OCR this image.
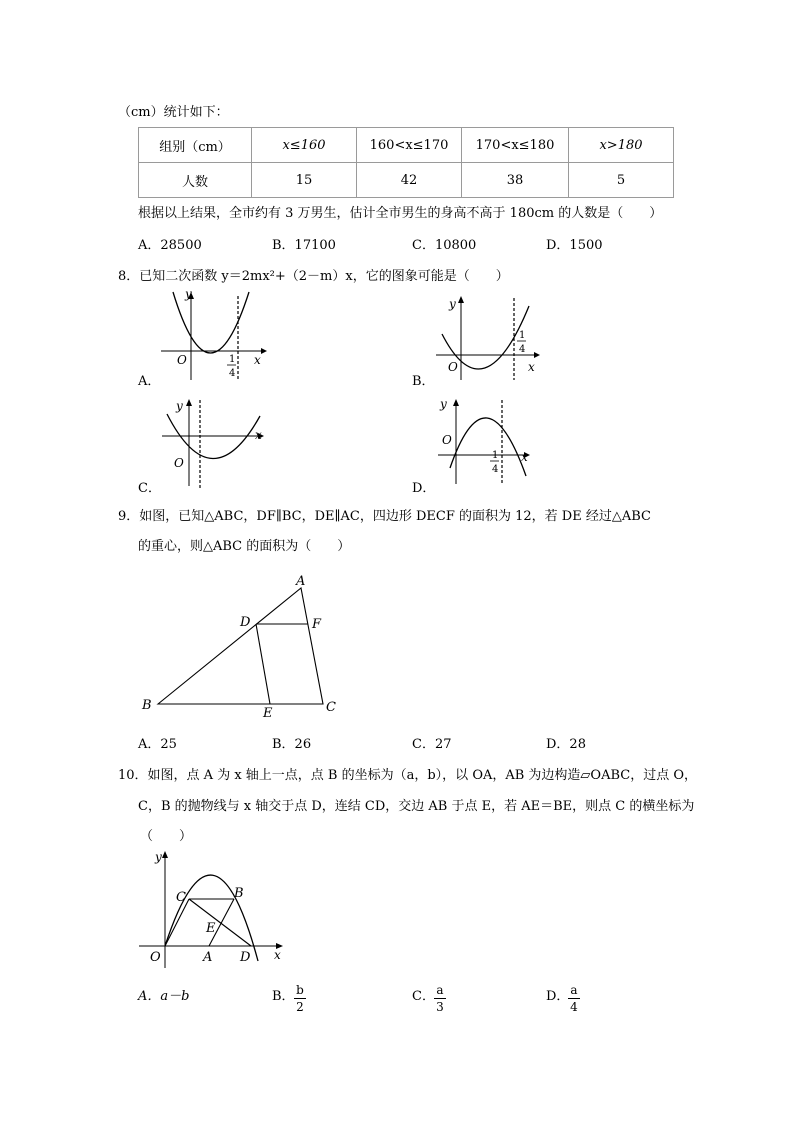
（cm）统计如下：
组别（cm）	x≤160	160<x≤170	170<x≤180	x>180
人数	15	42	38	5
根据以上结果，全市约有 3 万男生，估计全市男生的身高不高于 180cm 的人数是（　　）
A．28500	B．17100	C．10800	D．1500
8．已知二次函数 y＝2mx²+（2－m）x，它的图象可能是（　　）
y
x
O	1
4
A．
y
x
O
1
4
B．
y
x
O
C．
y
x
O
1
4
D．
9．如图，已知△ABC，DF∥BC，DE∥AC，四边形 DECF 的面积为 12，若 DE 经过△ABC
的重心，则△ABC 的面积为（　　）
A
B	C
D
E
F
A．25	B．26	C．27	D．28
10．如图，点 A 为 x 轴上一点，点 B 的坐标为（a，b），以 OA，AB 为边构造▱OABC，过点 O，
C，B 的抛物线与 x 轴交于点 D，连结 CD，交边 AB 于点 E，若 AE＝BE，则点 C 的横坐标为
（　　）
y
x
O	A
B
C
D
E
A．a－b	B． b
2
C． a
3
D． a
4
